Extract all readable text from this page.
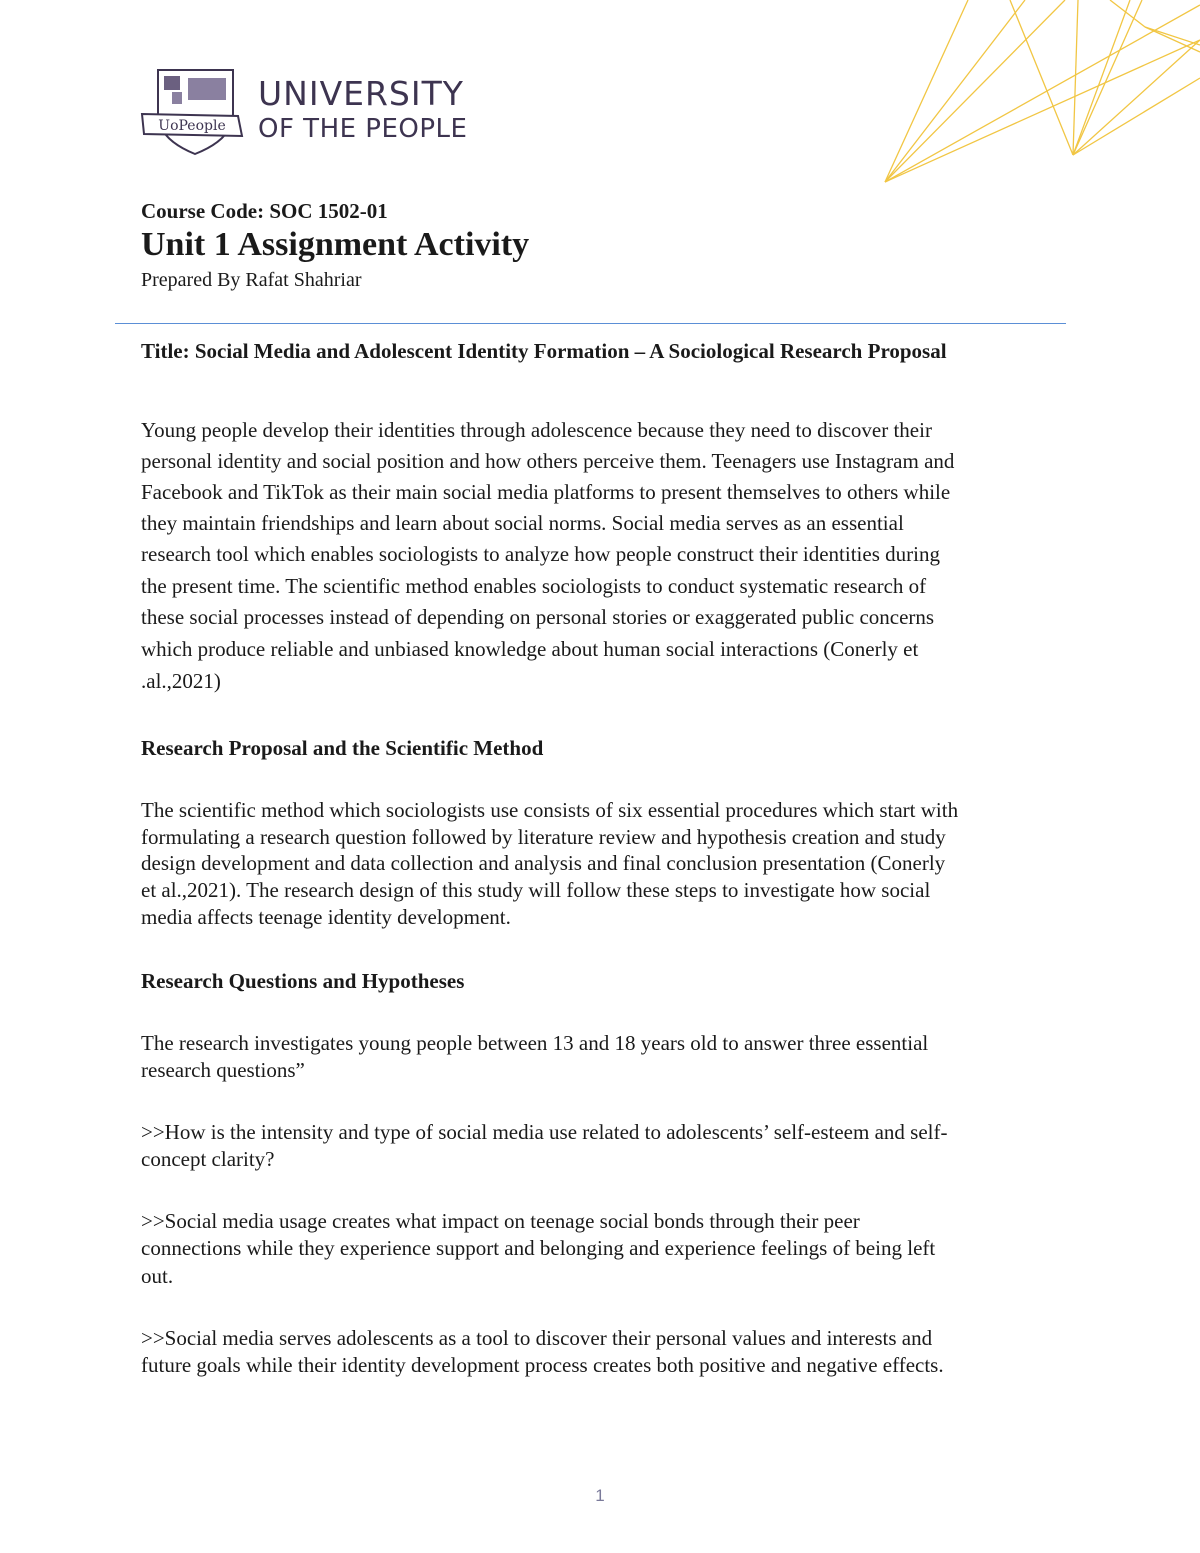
UoPeople
UNIVERSITY
OF THE PEOPLE
Course Code: SOC 1502-01
Unit 1 Assignment Activity
Prepared By Rafat Shahriar
Title: Social Media and Adolescent Identity Formation – A Sociological Research Proposal
Young people develop their identities through adolescence because they need to discover their
personal identity and social position and how others perceive them. Teenagers use Instagram and
Facebook and TikTok as their main social media platforms to present themselves to others while
they maintain friendships and learn about social norms. Social media serves as an essential
research tool which enables sociologists to analyze how people construct their identities during
the present time. The scientific method enables sociologists to conduct systematic research of
these social processes instead of depending on personal stories or exaggerated public concerns
which produce reliable and unbiased knowledge about human social interactions (Conerly et
.al.,2021)
Research Proposal and the Scientific Method
The scientific method which sociologists use consists of six essential procedures which start with
formulating a research question followed by literature review and hypothesis creation and study
design development and data collection and analysis and final conclusion presentation (Conerly
et al.,2021). The research design of this study will follow these steps to investigate how social
media affects teenage identity development.
Research Questions and Hypotheses
The research investigates young people between 13 and 18 years old to answer three essential
research questions”
>>How is the intensity and type of social media use related to adolescents’ self-esteem and self-
concept clarity?
>>Social media usage creates what impact on teenage social bonds through their peer
connections while they experience support and belonging and experience feelings of being left
out.
>>Social media serves adolescents as a tool to discover their personal values and interests and
future goals while their identity development process creates both positive and negative effects.
1
